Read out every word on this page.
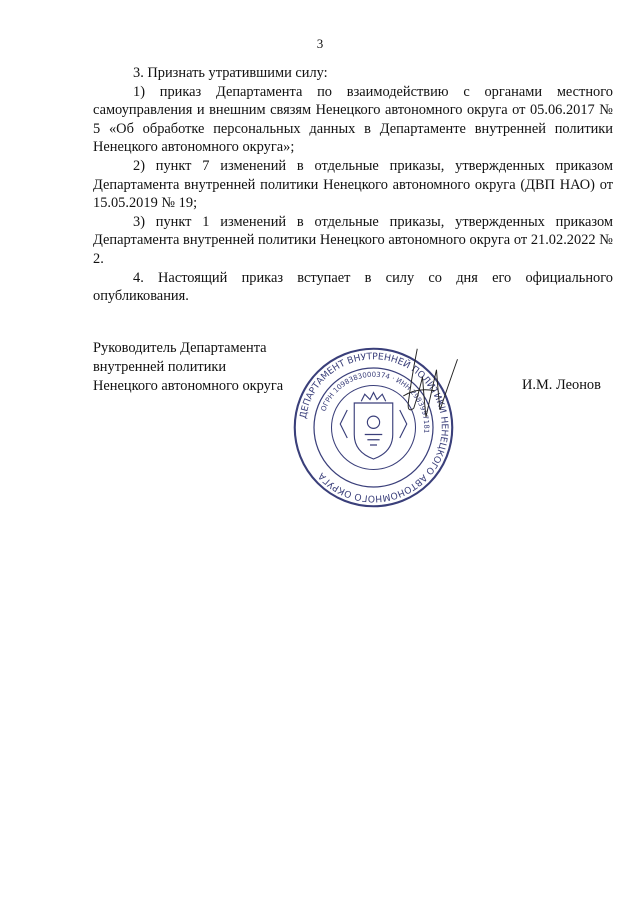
3

3. Признать утратившими силу:

1) приказ Департамента по взаимодействию с органами местного самоуправления и внешним связям Ненецкого автономного округа от 05.06.2017 № 5 «Об обработке персональных данных в Департаменте внутренней политики Ненецкого автономного округа»;

2) пункт 7 изменений в отдельные приказы, утвержденных приказом Департамента внутренней политики Ненецкого автономного округа (ДВП НАО) от 15.05.2019 № 19;

3) пункт 1 изменений в отдельные приказы, утвержденных приказом Департамента внутренней политики Ненецкого автономного округа от 21.02.2022 № 2.

4. Настоящий приказ вступает в силу со дня его официального опубликования.

Руководитель Департамента
внутренней политики
Ненецкого автономного округа
ДЕПАРТАМЕНТ ВНУТРЕННЕЙ ПОЛИТИКИ НЕНЕЦКОГО АВТОНОМНОГО ОКРУГА
ОГРН 1098383000374 · ИНН 2983997181
И.М. Леонов
